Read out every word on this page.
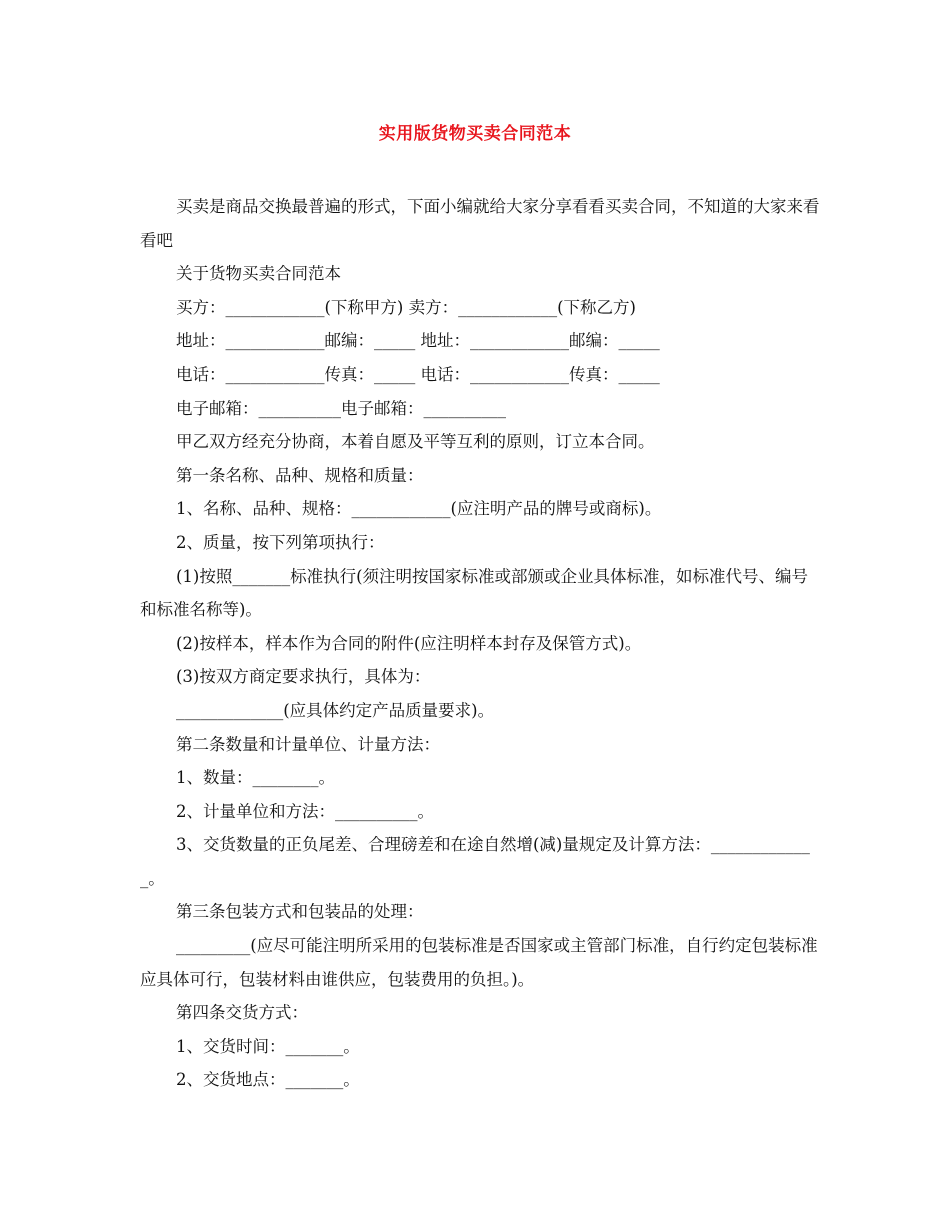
实用版货物买卖合同范本

买卖是商品交换最普遍的形式，下面小编就给大家分享看看买卖合同，不知道的大家来看看吧

关于货物买卖合同范本

买方：____________(下称甲方) 卖方：____________(下称乙方)

地址：____________邮编：_____ 地址：____________邮编：_____

电话：____________传真：_____ 电话：____________传真：_____

电子邮箱：__________电子邮箱：__________

甲乙双方经充分协商，本着自愿及平等互利的原则，订立本合同。

第一条名称、品种、规格和质量：

1、名称、品种、规格：____________(应注明产品的牌号或商标)。

2、质量，按下列第项执行：

(1)按照_______标准执行(须注明按国家标准或部颁或企业具体标准，如标准代号、编号和标准名称等)。

(2)按样本，样本作为合同的附件(应注明样本封存及保管方式)。

(3)按双方商定要求执行，具体为：

_____________(应具体约定产品质量要求)。

第二条数量和计量单位、计量方法：

1、数量：________。

2、计量单位和方法：__________。

3、交货数量的正负尾差、合理磅差和在途自然增(减)量规定及计算方法：_____________。

第三条包装方式和包装品的处理：

_________(应尽可能注明所采用的包装标准是否国家或主管部门标准，自行约定包装标准应具体可行，包装材料由谁供应，包装费用的负担。)。

第四条交货方式：

1、交货时间：_______。

2、交货地点：_______。
